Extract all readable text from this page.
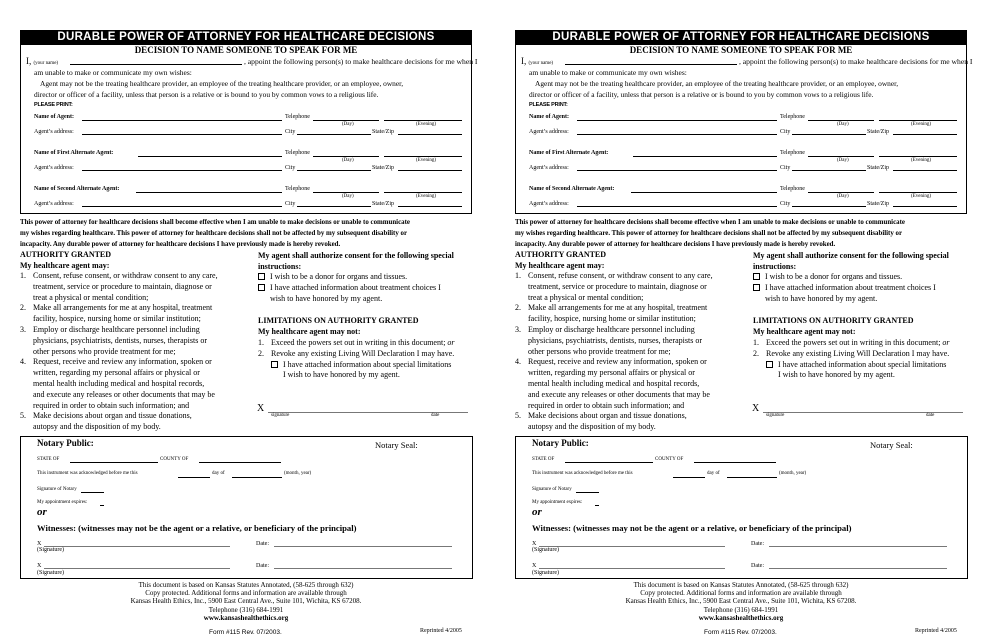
DURABLE POWER OF ATTORNEY FOR HEALTHCARE DECISIONS
DECISION TO NAME SOMEONE TO SPEAK FOR ME
I, (your name)	, appoint the following person(s) to make healthcare decisions for me when I
am unable to make or communicate my own wishes:
Agent may not be the treating healthcare provider, an employee of the treating healthcare provider, or an employee, owner,
director or officer of a facility, unless that person is a relative or is bound to you by common vows to a religious life.
PLEASE PRINT:
Name of Agent:	Telephone
(Day)	(Evening)
Agent’s address:	City	State/Zip
Name of First Alternate Agent:	Telephone
(Day)	(Evening)
Agent’s address:	City	State/Zip
Name of Second Alternate Agent:	Telephone
(Day)	(Evening)
Agent’s address:	City	State/Zip
This power of attorney for healthcare decisions shall become effective when I am unable to make decisions or unable to communicate
my wishes regarding healthcare. This power of attorney for healthcare decisions shall not be affected by my subsequent disability or
incapacity. Any durable power of attorney for healthcare decisions I have previously made is hereby revoked.
AUTHORITY GRANTED
My healthcare agent may:
1. Consent, refuse consent, or withdraw consent to any care,
treatment, service or procedure to maintain, diagnose or
treat a physical or mental condition;
2. Make all arrangements for me at any hospital, treatment
facility, hospice, nursing home or similar institution;
3. Employ or discharge healthcare personnel including
physicians, psychiatrists, dentists, nurses, therapists or
other persons who provide treatment for me;
4. Request, receive and review any information, spoken or
written, regarding my personal affairs or physical or
mental health including medical and hospital records,
and execute any releases or other documents that may be
required in order to obtain such information; and
5. Make decisions about organ and tissue donations,
autopsy and the disposition of my body.
My agent shall authorize consent for the following special
instructions:
I wish to be a donor for organs and tissues.
I have attached information about treatment choices I
wish to have honored by my agent.
LIMITATIONS ON AUTHORITY GRANTED
My healthcare agent may not:
1. Exceed the powers set out in writing in this document; or
2. Revoke any existing Living Will Declaration I may have.
I have attached information about special limitations
I wish to have honored by my agent.
X
signature	date
Notary Public:	Notary Seal:
STATE OF	COUNTY OF
This instrument was acknowledged before me this	day of	(month, year)
Signature of Notary
My appointment expires:
or
Witnesses: (witnesses may not be the agent or a relative, or beneficiary of the principal)
X
(Signature)
Date:
X
(Signature)
Date:
This document is based on Kansas Statutes Annotated, (58-625 through 632)
Copy protected. Additional forms and information are available through
Kansas Health Ethics, Inc., 5900 East Central Ave., Suite 101, Wichita, KS 67208.
Telephone (316) 684-1991
www.kansashealthethics.org
Form #115 Rev. 07/2003.	Reprinted 4/2005
DURABLE POWER OF ATTORNEY FOR HEALTHCARE DECISIONS
DECISION TO NAME SOMEONE TO SPEAK FOR ME
I, (your name)	, appoint the following person(s) to make healthcare decisions for me when I
am unable to make or communicate my own wishes:
Agent may not be the treating healthcare provider, an employee of the treating healthcare provider, or an employee, owner,
director or officer of a facility, unless that person is a relative or is bound to you by common vows to a religious life.
PLEASE PRINT:
Name of Agent:	Telephone
(Day)	(Evening)
Agent’s address:	City	State/Zip
Name of First Alternate Agent:	Telephone
(Day)	(Evening)
Agent’s address:	City	State/Zip
Name of Second Alternate Agent:	Telephone
(Day)	(Evening)
Agent’s address:	City	State/Zip
This power of attorney for healthcare decisions shall become effective when I am unable to make decisions or unable to communicate
my wishes regarding healthcare. This power of attorney for healthcare decisions shall not be affected by my subsequent disability or
incapacity. Any durable power of attorney for healthcare decisions I have previously made is hereby revoked.
AUTHORITY GRANTED
My healthcare agent may:
1. Consent, refuse consent, or withdraw consent to any care,
treatment, service or procedure to maintain, diagnose or
treat a physical or mental condition;
2. Make all arrangements for me at any hospital, treatment
facility, hospice, nursing home or similar institution;
3. Employ or discharge healthcare personnel including
physicians, psychiatrists, dentists, nurses, therapists or
other persons who provide treatment for me;
4. Request, receive and review any information, spoken or
written, regarding my personal affairs or physical or
mental health including medical and hospital records,
and execute any releases or other documents that may be
required in order to obtain such information; and
5. Make decisions about organ and tissue donations,
autopsy and the disposition of my body.
My agent shall authorize consent for the following special
instructions:
I wish to be a donor for organs and tissues.
I have attached information about treatment choices I
wish to have honored by my agent.
LIMITATIONS ON AUTHORITY GRANTED
My healthcare agent may not:
1. Exceed the powers set out in writing in this document; or
2. Revoke any existing Living Will Declaration I may have.
I have attached information about special limitations
I wish to have honored by my agent.
X
signature	date
Notary Public:	Notary Seal:
STATE OF	COUNTY OF
This instrument was acknowledged before me this	day of	(month, year)
Signature of Notary
My appointment expires:
or
Witnesses: (witnesses may not be the agent or a relative, or beneficiary of the principal)
X
(Signature)
Date:
X
(Signature)
Date:
This document is based on Kansas Statutes Annotated, (58-625 through 632)
Copy protected. Additional forms and information are available through
Kansas Health Ethics, Inc., 5900 East Central Ave., Suite 101, Wichita, KS 67208.
Telephone (316) 684-1991
www.kansashealthethics.org
Form #115 Rev. 07/2003.	Reprinted 4/2005
